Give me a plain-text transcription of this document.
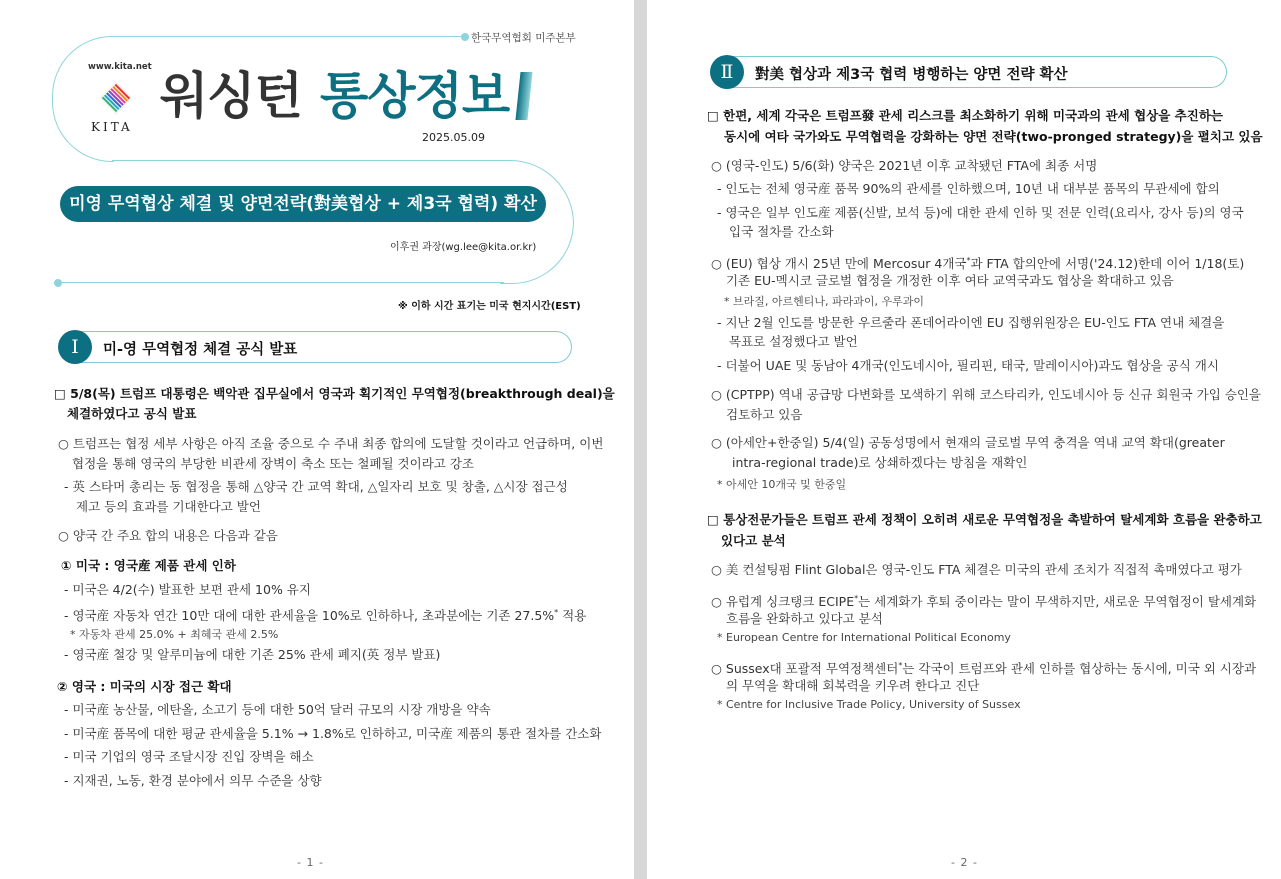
한국무역협회 미주본부
www.kita.net
KITA
워싱턴 통상정보
2025.05.09
미영 무역협상 체결 및 양면전략(對美협상 + 제3국 협력) 확산
이후권 과장(wg.lee@kita.or.kr)
※ 이하 시간 표기는 미국 현지시간(EST)
Ⅰ	미-영 무역협정 체결 공식 발표
□ 5/8(목) 트럼프 대통령은 백악관 집무실에서 영국과 획기적인 무역협정(breakthrough deal)을
체결하였다고 공식 발표
○ 트럼프는 협정 세부 사항은 아직 조율 중으로 수 주내 최종 합의에 도달할 것이라고 언급하며, 이번
협정을 통해 영국의 부당한 비관세 장벽이 축소 또는 철폐될 것이라고 강조
- 英 스타머 총리는 동 협정을 통해 △양국 간 교역 확대, △일자리 보호 및 창출, △시장 접근성
제고 등의 효과를 기대한다고 발언
○ 양국 간 주요 합의 내용은 다음과 같음
① 미국 : 영국産 제품 관세 인하
- 미국은 4/2(수) 발표한 보편 관세 10% 유지
- 영국産 자동차 연간 10만 대에 대한 관세율을 10%로 인하하나, 초과분에는 기존 27.5%* 적용
* 자동차 관세 25.0% + 최혜국 관세 2.5%
- 영국産 철강 및 알루미늄에 대한 기존 25% 관세 폐지(英 정부 발표)
② 영국 : 미국의 시장 접근 확대
- 미국産 농산물, 에탄올, 소고기 등에 대한 50억 달러 규모의 시장 개방을 약속
- 미국産 품목에 대한 평균 관세율을 5.1% → 1.8%로 인하하고, 미국産 제품의 통관 절차를 간소화
- 미국 기업의 영국 조달시장 진입 장벽을 해소
- 지재권, 노동, 환경 분야에서 의무 수준을 상향
- 1 -
Ⅱ	對美 협상과 제3국 협력 병행하는 양면 전략 확산
□ 한편, 세계 각국은 트럼프發 관세 리스크를 최소화하기 위해 미국과의 관세 협상을 추진하는
동시에 여타 국가와도 무역협력을 강화하는 양면 전략(two-pronged strategy)을 펼치고 있음
○ (영국-인도) 5/6(화) 양국은 2021년 이후 교착됐던 FTA에 최종 서명
- 인도는 전체 영국産 품목 90%의 관세를 인하했으며, 10년 내 대부분 품목의 무관세에 합의
- 영국은 일부 인도産 제품(신발, 보석 등)에 대한 관세 인하 및 전문 인력(요리사, 강사 등)의 영국
입국 절차를 간소화
○ (EU) 협상 개시 25년 만에 Mercosur 4개국*과 FTA 합의안에 서명('24.12)한데 이어 1/18(토)
기존 EU-멕시코 글로벌 협정을 개정한 이후 여타 교역국과도 협상을 확대하고 있음
* 브라질, 아르헨티나, 파라과이, 우루과이
- 지난 2월 인도를 방문한 우르줄라 폰데어라이엔 EU 집행위원장은 EU-인도 FTA 연내 체결을
목표로 설정했다고 발언
- 더불어 UAE 및 동남아 4개국(인도네시아, 필리핀, 태국, 말레이시아)과도 협상을 공식 개시
○ (CPTPP) 역내 공급망 다변화를 모색하기 위해 코스타리카, 인도네시아 등 신규 회원국 가입 승인을
검토하고 있음
○ (아세안+한중일) 5/4(일) 공동성명에서 현재의 글로벌 무역 충격을 역내 교역 확대(greater
intra-regional trade)로 상쇄하겠다는 방침을 재확인
* 아세안 10개국 및 한중일
□ 통상전문가들은 트럼프 관세 정책이 오히려 새로운 무역협정을 촉발하여 탈세계화 흐름을 완충하고
있다고 분석
○ 美 컨설팅펌 Flint Global은 영국-인도 FTA 체결은 미국의 관세 조치가 직접적 촉매였다고 평가
○ 유럽계 싱크탱크 ECIPE*는 세계화가 후퇴 중이라는 말이 무색하지만, 새로운 무역협정이 탈세계화
흐름을 완화하고 있다고 분석
* European Centre for International Political Economy
○ Sussex대 포괄적 무역정책센터*는 각국이 트럼프와 관세 인하를 협상하는 동시에, 미국 외 시장과
의 무역을 확대해 회복력을 키우려 한다고 진단
* Centre for Inclusive Trade Policy, University of Sussex
- 2 -
